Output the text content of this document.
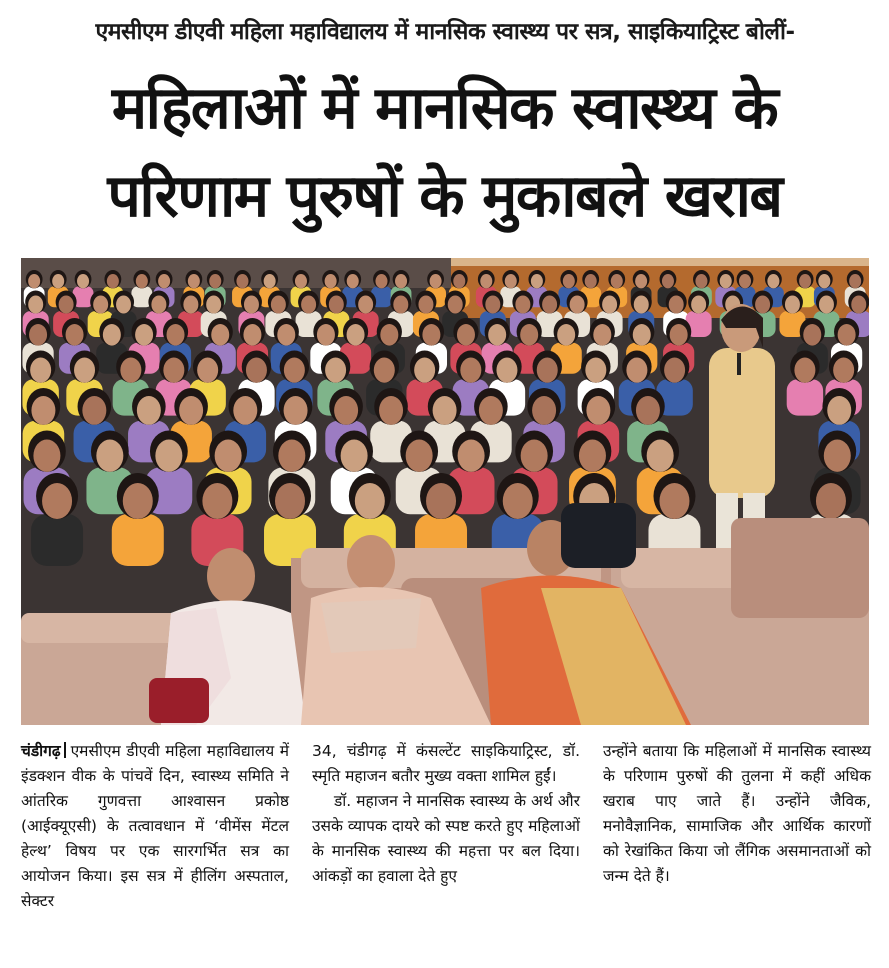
एमसीएम डीएवी महिला महाविद्यालय में मानसिक स्वास्थ्य पर सत्र, साइकियाट्रिस्ट बोलीं-
महिलाओं में मानसिक स्वास्थ्य के
परिणाम पुरुषों के मुकाबले खराब

चंडीगढ़ एमसीएम डीएवी महिला महाविद्यालय में इंडक्शन वीक के पांचवें दिन, स्वास्थ्य समिति ने आंतरिक गुणवत्ता आश्वासन प्रकोष्ठ (आईक्यूएसी) के तत्वावधान में ‘वीमेंस मेंटल हेल्थ’ विषय पर एक सारगर्भित सत्र का आयोजन किया। इस सत्र में हीलिंग अस्पताल, सेक्टर

34, चंडीगढ़ में कंसल्टेंट साइकियाट्रिस्ट, डॉ. स्मृति महाजन बतौर मुख्य वक्ता शामिल हुईं।

डॉ. महाजन ने मानसिक स्वास्थ्य के अर्थ और उसके व्यापक दायरे को स्पष्ट करते हुए महिलाओं के मानसिक स्वास्थ्य की महत्ता पर बल दिया। आंकड़ों का हवाला देते हुए

उन्होंने बताया कि महिलाओं में मानसिक स्वास्थ्य के परिणाम पुरुषों की तुलना में कहीं अधिक खराब पाए जाते हैं। उन्होंने जैविक, मनोवैज्ञानिक, सामाजिक और आर्थिक कारणों को रेखांकित किया जो लैंगिक असमानताओं को जन्म देते हैं।
